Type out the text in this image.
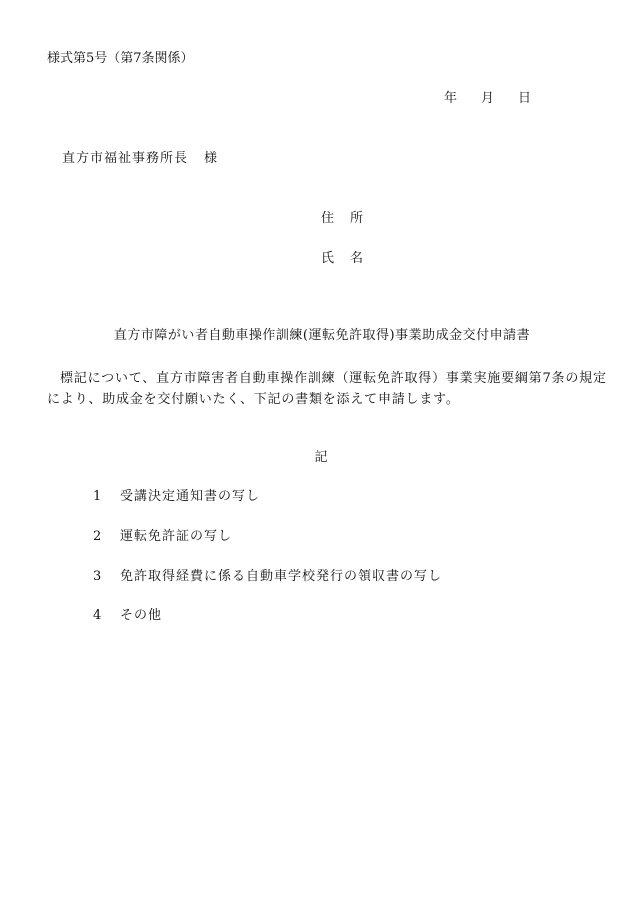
様式第5号（第7条関係）
年 月 日
直方市福祉事務所長 様
住 所
氏 名
直方市障がい者自動車操作訓練(運転免許取得)事業助成金交付申請書
標記について、直方市障害者自動車操作訓練（運転免許取得）事業実施要綱第7条の規定により、助成金を交付願いたく、下記の書類を添えて申請します。
記
1 受講決定通知書の写し
2 運転免許証の写し
3 免許取得経費に係る自動車学校発行の領収書の写し
4 その他
